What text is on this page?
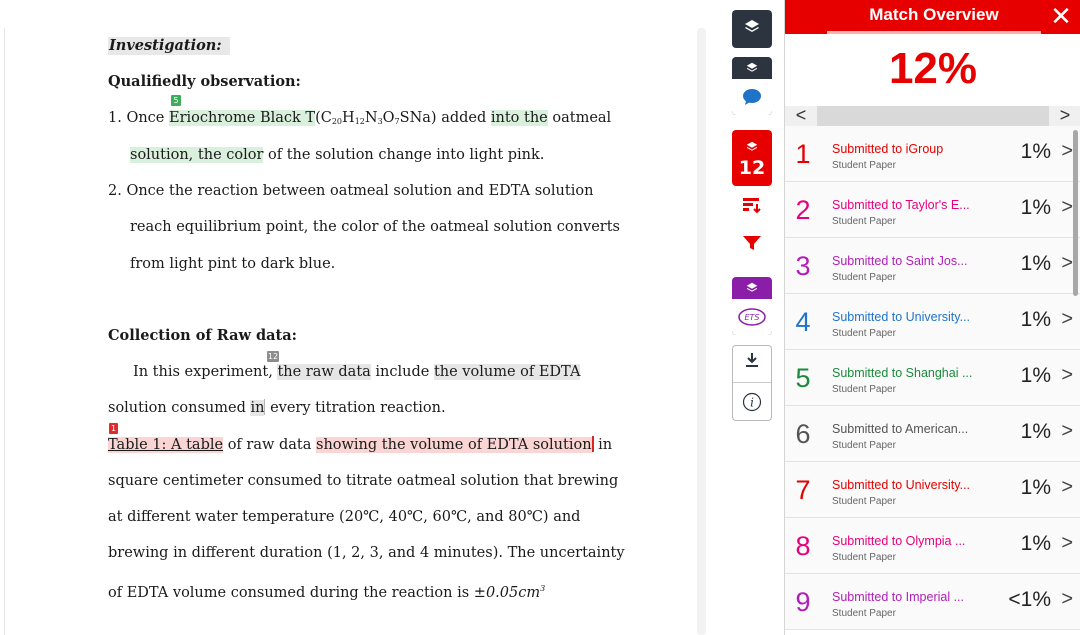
Investigation:
Qualifiedly observation:
5
1. Once Eriochrome Black $T(C_{20}H_{12}N_3O_7SNa)$ added into the oatmeal
solution, the color of the solution change into light pink.
2. Once the reaction between oatmeal solution and EDTA solution
reach equilibrium point, the color of the oatmeal solution converts
from light pint to dark blue.
Collection of Raw data:
12
In this experiment, the raw data include the volume of EDTA
solution consumed in every titration reaction.
1
Table 1: A table of raw data showing the volume of EDTA solution in
square centimeter consumed to titrate oatmeal solution that brewing
at different water temperature (20℃, 40℃, 60℃, and 80℃) and
brewing in different duration (1, 2, 3, and 4 minutes). The uncertainty
of EDTA volume consumed during the reaction is $\pm 0.05cm^3$
12
ETS
i
Match Overview	✕
12%
<	>
1 Submitted to iGroup
Student Paper
1% >
2 Submitted to Taylor's E...
Student Paper
1% >
3 Submitted to Saint Jos...
Student Paper
1% >
4 Submitted to University...
Student Paper
1% >
5 Submitted to Shanghai ...
Student Paper
1% >
6 Submitted to American...
Student Paper
1% >
7 Submitted to University...
Student Paper
1% >
8 Submitted to Olympia ...
Student Paper
1% >
9 Submitted to Imperial ...
Student Paper
<1% >
